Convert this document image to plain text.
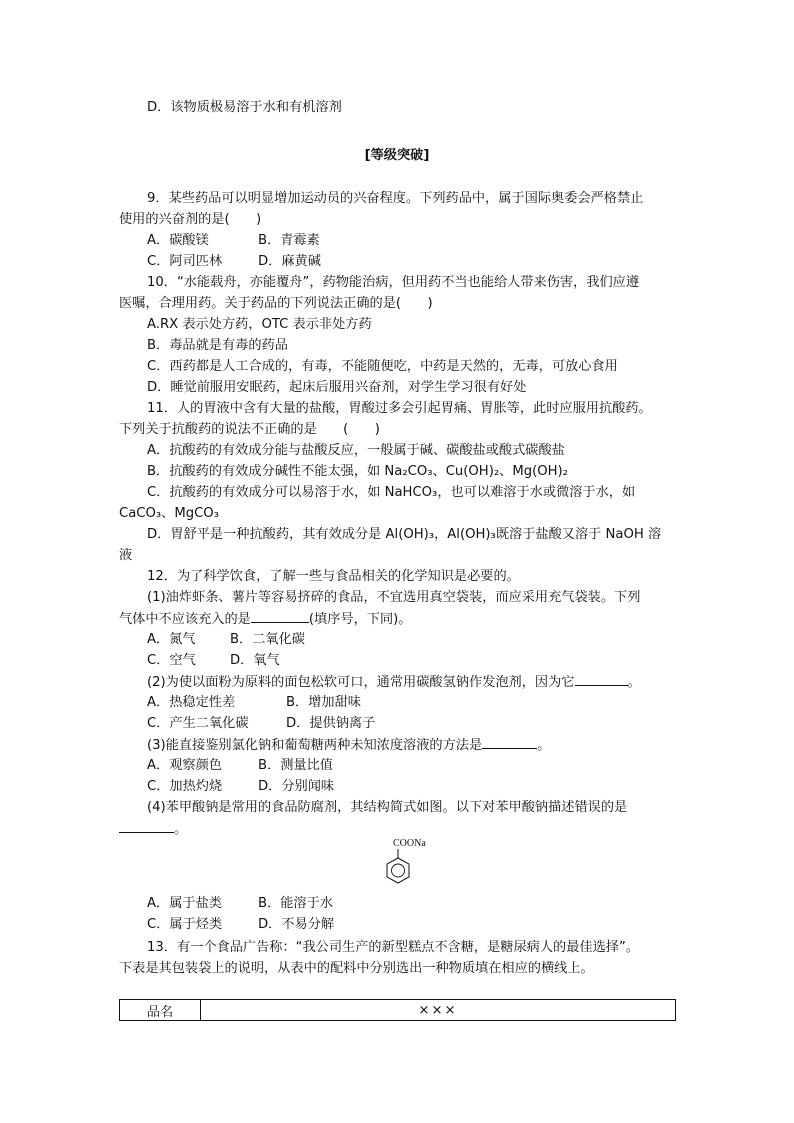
D．该物质极易溶于水和有机溶剂
[等级突破]
9．某些药品可以明显增加运动员的兴奋程度。下列药品中，属于国际奥委会严格禁止
使用的兴奋剂的是(　　)
A．碳酸镁	B．青霉素
C．阿司匹林	D．麻黄碱
10．“水能载舟，亦能覆舟”，药物能治病，但用药不当也能给人带来伤害，我们应遵
医嘱，合理用药。关于药品的下列说法正确的是(　　)
A.RX 表示处方药，OTC 表示非处方药
B．毒品就是有毒的药品
C．西药都是人工合成的，有毒，不能随便吃，中药是天然的，无毒，可放心食用
D．睡觉前服用安眠药，起床后服用兴奋剂，对学生学习很有好处
11．人的胃液中含有大量的盐酸，胃酸过多会引起胃痛、胃胀等，此时应服用抗酸药。
下列关于抗酸药的说法不正确的是　　(　　)
A．抗酸药的有效成分能与盐酸反应，一般属于碱、碳酸盐或酸式碳酸盐
B．抗酸药的有效成分碱性不能太强，如 Na₂CO₃、Cu(OH)₂、Mg(OH)₂
C．抗酸药的有效成分可以易溶于水，如 NaHCO₃，也可以难溶于水或微溶于水，如
CaCO₃、MgCO₃
D．胃舒平是一种抗酸药，其有效成分是 Al(OH)₃，Al(OH)₃既溶于盐酸又溶于 NaOH 溶
液
12．为了科学饮食，了解一些与食品相关的化学知识是必要的。
(1)油炸虾条、薯片等容易挤碎的食品，不宜选用真空袋装，而应采用充气袋装。下列
气体中不应该充入的是	(填序号，下同)。
A．氮气	B．二氧化碳
C．空气	D．氧气
(2)为使以面粉为原料的面包松软可口，通常用碳酸氢钠作发泡剂，因为它	。
A．热稳定性差	B．增加甜味
C．产生二氧化碳	D．提供钠离子
(3)能直接鉴别氯化钠和葡萄糖两种未知浓度溶液的方法是	。
A．观察颜色	B．测量比值
C．加热灼烧	D．分别闻味
(4)苯甲酸钠是常用的食品防腐剂，其结构简式如图。以下对苯甲酸钠描述错误的是
。
COONa
A．属于盐类	B．能溶于水
C．属于烃类	D．不易分解
13．有一个食品广告称：“我公司生产的新型糕点不含糖，是糖尿病人的最佳选择”。
下表是其包装袋上的说明，从表中的配料中分别选出一种物质填在相应的横线上。
品名	×××
